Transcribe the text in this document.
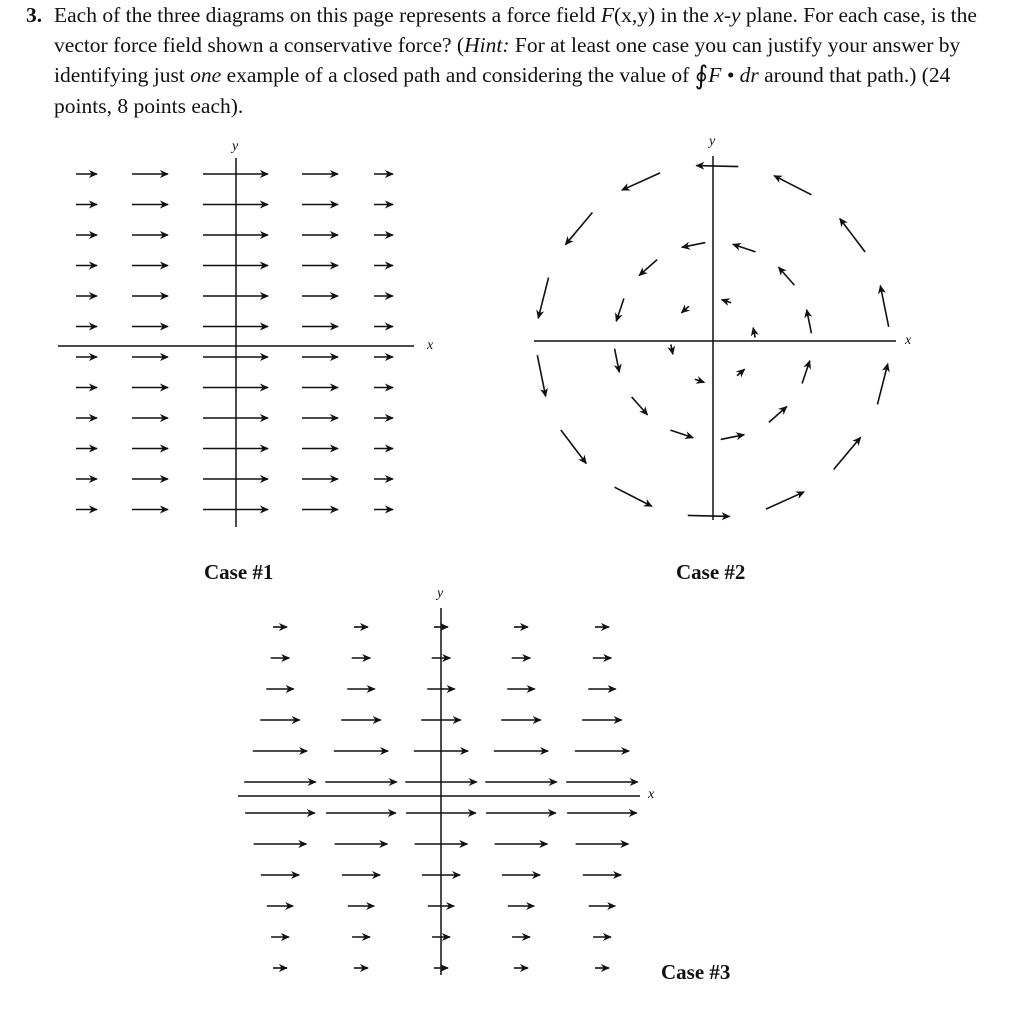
3. Each of the three diagrams on this page represents a force field F(x,y) in the x-y plane. For each case, is the vector force field shown a conservative force? (Hint: For at least one case you can justify your answer by identifying just one example of a closed path and considering the value of ∮F • dr around that path.) (24 points, 8 points each).
x
y
Case #1
x
y
Case #2
x
y
Case #3
